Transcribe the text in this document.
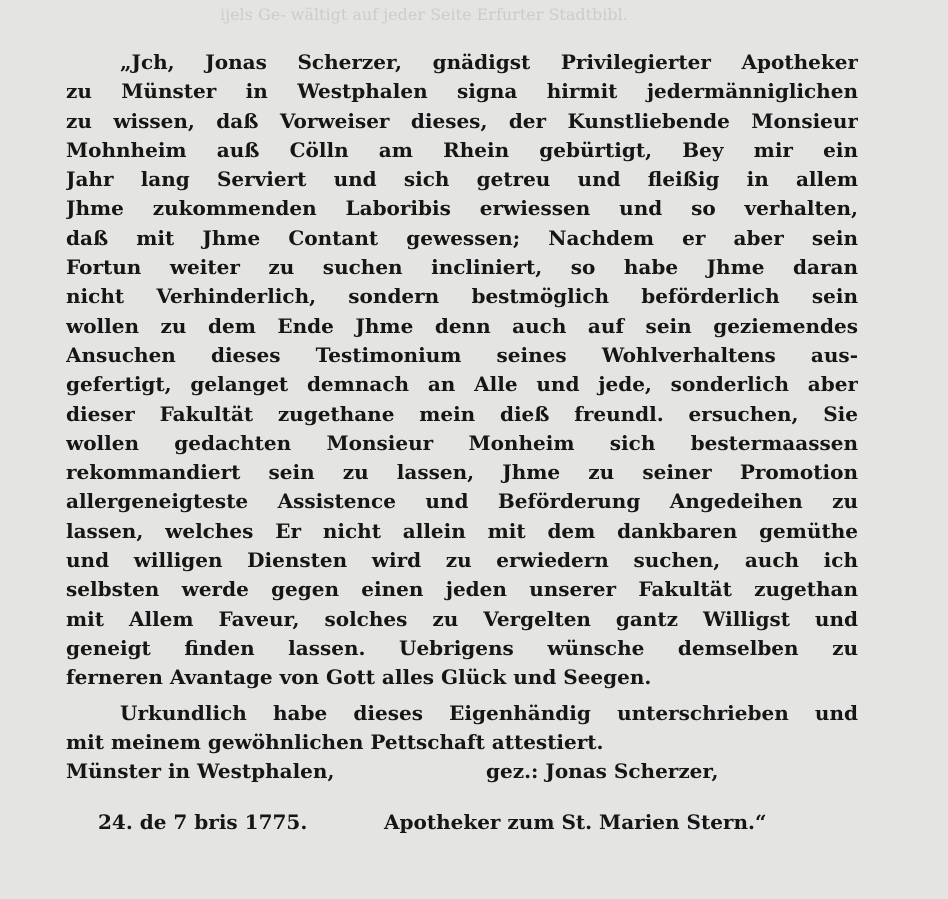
ijels Ge- wältigt auf jeder Seite Erfurter Stadtbibl.
„Jch, Jonas Scherzer, gnädigst Privilegierter Apotheker
zu Münster in Westphalen signa hirmit jedermänniglichen
zu wissen, daß Vorweiser dieses, der Kunstliebende Monsieur
Mohnheim auß Cölln am Rhein gebürtigt, Bey mir ein
Jahr lang Serviert und sich getreu und fleißig in allem
Jhme zukommenden Laboribis erwiessen und so verhalten,
daß mit Jhme Contant gewessen; Nachdem er aber sein
Fortun weiter zu suchen incliniert, so habe Jhme daran
nicht Verhinderlich, sondern bestmöglich beförderlich sein
wollen zu dem Ende Jhme denn auch auf sein geziemendes
Ansuchen dieses Testimonium seines Wohlverhaltens aus-
gefertigt, gelanget demnach an Alle und jede, sonderlich aber
dieser Fakultät zugethane mein dieß freundl. ersuchen, Sie
wollen gedachten Monsieur Monheim sich bestermaassen
rekommandiert sein zu lassen, Jhme zu seiner Promotion
allergeneigteste Assistence und Beförderung Angedeihen zu
lassen, welches Er nicht allein mit dem dankbaren gemüthe
und willigen Diensten wird zu erwiedern suchen, auch ich
selbsten werde gegen einen jeden unserer Fakultät zugethan
mit Allem Faveur, solches zu Vergelten gantz Willigst und
geneigt finden lassen. Uebrigens wünsche demselben zu
ferneren Avantage von Gott alles Glück und Seegen.
Urkundlich habe dieses Eigenhändig unterschrieben und
mit meinem gewöhnlichen Pettschaft attestiert.
Münster in Westphalen,	gez.: Jonas Scherzer,
24. de 7 bris 1775.	Apotheker zum St. Marien Stern.“
